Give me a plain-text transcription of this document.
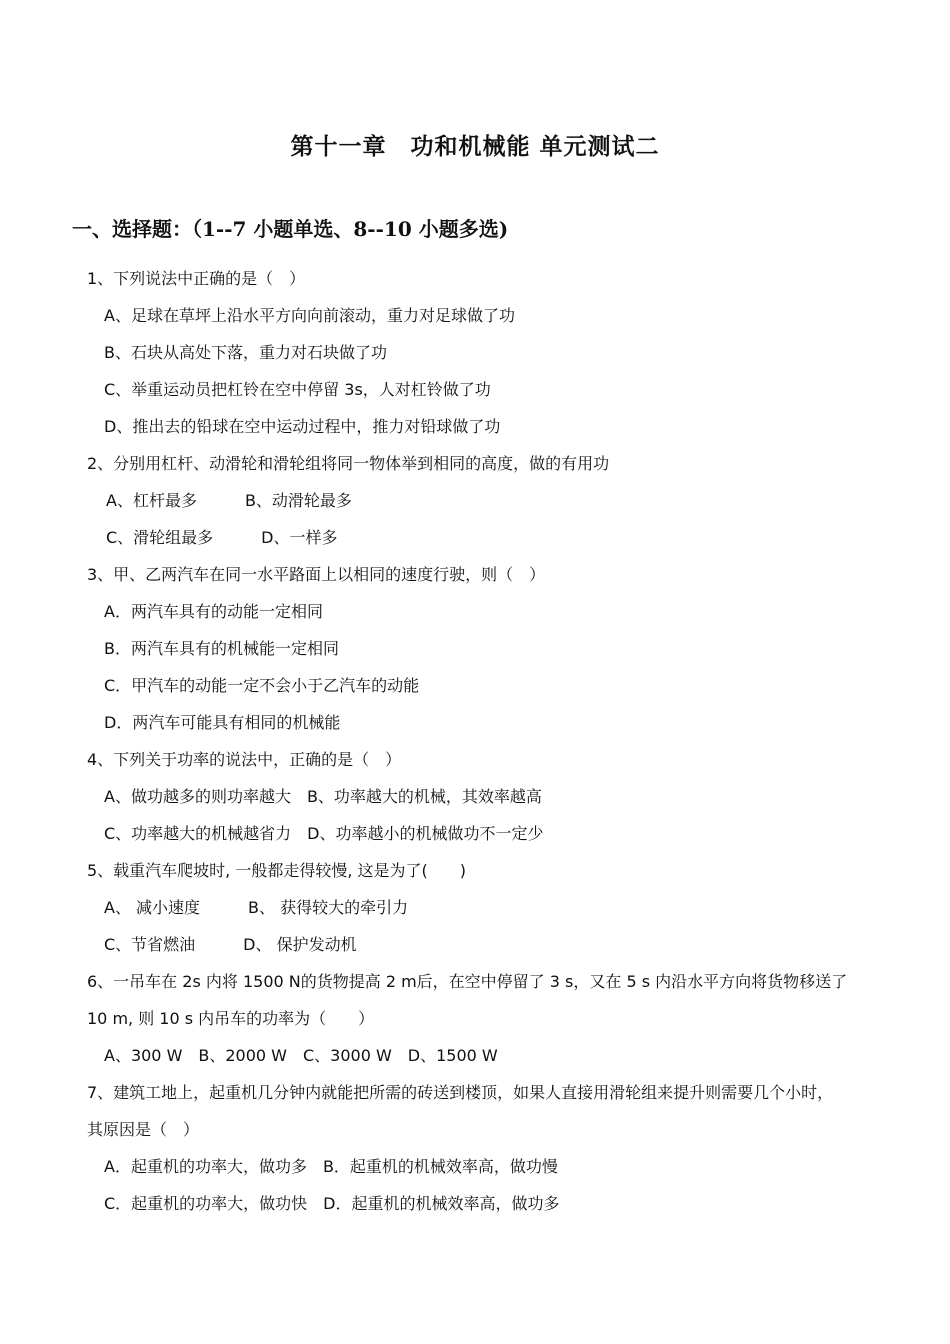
第十一章　功和机械能 单元测试二
一、选择题：（1--7 小题单选、8--10 小题多选)
1、下列说法中正确的是（　）
A、足球在草坪上沿水平方向向前滚动，重力对足球做了功
B、石块从高处下落，重力对石块做了功
C、举重运动员把杠铃在空中停留 3s，人对杠铃做了功
D、推出去的铅球在空中运动过程中，推力对铅球做了功
2、分别用杠杆、动滑轮和滑轮组将同一物体举到相同的高度，做的有用功
A、杠杆最多　　　B、动滑轮最多
C、滑轮组最多　　　D、一样多
3、甲、乙两汽车在同一水平路面上以相同的速度行驶，则（　）
A．两汽车具有的动能一定相同
B．两汽车具有的机械能一定相同
C．甲汽车的动能一定不会小于乙汽车的动能
D．两汽车可能具有相同的机械能
4、下列关于功率的说法中，正确的是（　）
A、做功越多的则功率越大　B、功率越大的机械，其效率越高
C、功率越大的机械越省力　D、功率越小的机械做功不一定少
5、载重汽车爬坡时, 一般都走得较慢, 这是为了(　　)
A、 减小速度　　　B、 获得较大的牵引力
C、节省燃油　　　D、 保护发动机
6、一吊车在 2s 内将 1500 N的货物提高 2 m后，在空中停留了 3 s，又在 5 s 内沿水平方向将货物移送了
10 m, 则 10 s 内吊车的功率为（　　）
A、300 W　B、2000 W　C、3000 W　D、1500 W
7、建筑工地上，起重机几分钟内就能把所需的砖送到楼顶，如果人直接用滑轮组来提升则需要几个小时，
其原因是（　）
A．起重机的功率大，做功多　B．起重机的机械效率高，做功慢
C．起重机的功率大，做功快　D．起重机的机械效率高，做功多
